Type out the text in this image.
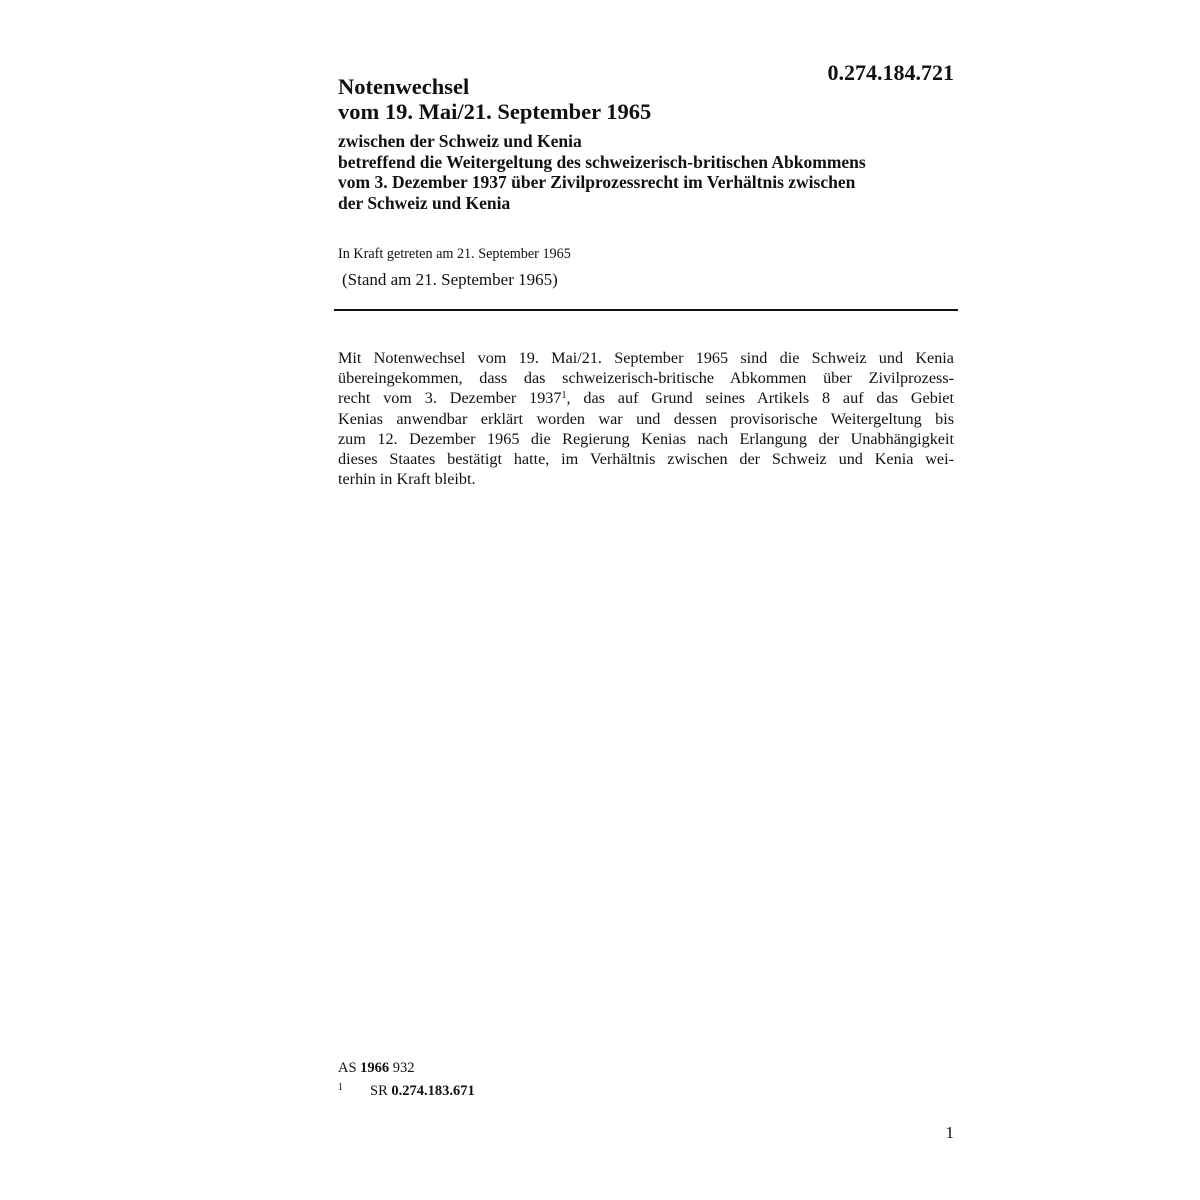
0.274.184.721
Notenwechsel
vom 19. Mai/21. September 1965
zwischen der Schweiz und Kenia
betreffend die Weitergeltung des schweizerisch-britischen Abkommens
vom 3. Dezember 1937 über Zivilprozessrecht im Verhältnis zwischen
der Schweiz und Kenia
In Kraft getreten am 21. September 1965
(Stand am 21. September 1965)
Mit Notenwechsel vom 19. Mai/21. September 1965 sind die Schweiz und Kenia
übereingekommen, dass das schweizerisch-britische Abkommen über Zivilprozess-
recht vom 3. Dezember 1937$^1$, das auf Grund seines Artikels 8 auf das Gebiet
Kenias anwendbar erklärt worden war und dessen provisorische Weitergeltung bis
zum 12. Dezember 1965 die Regierung Kenias nach Erlangung der Unabhängigkeit
dieses Staates bestätigt hatte, im Verhältnis zwischen der Schweiz und Kenia wei-
terhin in Kraft bleibt.
AS 1966 932
1 SR 0.274.183.671
1
